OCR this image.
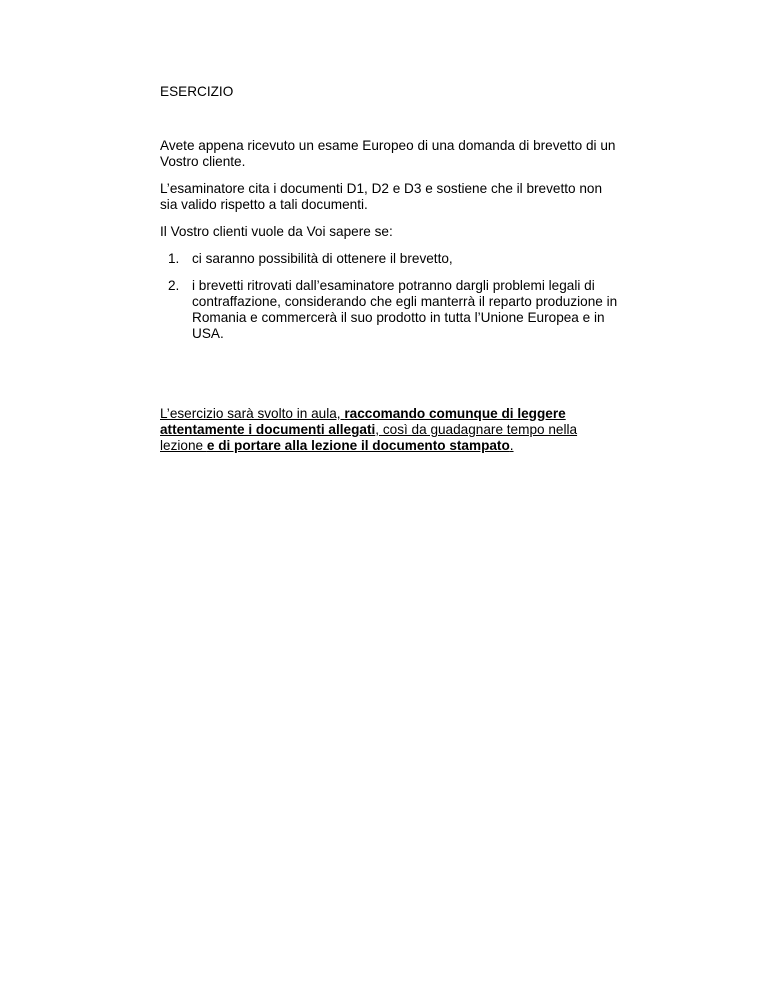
ESERCIZIO

Avete appena ricevuto un esame Europeo di una domanda di brevetto di un Vostro cliente.

L’esaminatore cita i documenti D1, D2 e D3 e sostiene che il brevetto non sia valido rispetto a tali documenti.

Il Vostro clienti vuole da Voi sapere se:

1. ci saranno possibilità di ottenere il brevetto,
2. i brevetti ritrovati dall’esaminatore potranno dargli problemi legali di contraffazione, considerando che egli manterrà il reparto produzione in Romania e commercerà il suo prodotto in tutta l’Unione Europea e in USA.

L’esercizio sarà svolto in aula, raccomando comunque di leggere attentamente i documenti allegati, così da guadagnare tempo nella lezione e di portare alla lezione il documento stampato.
